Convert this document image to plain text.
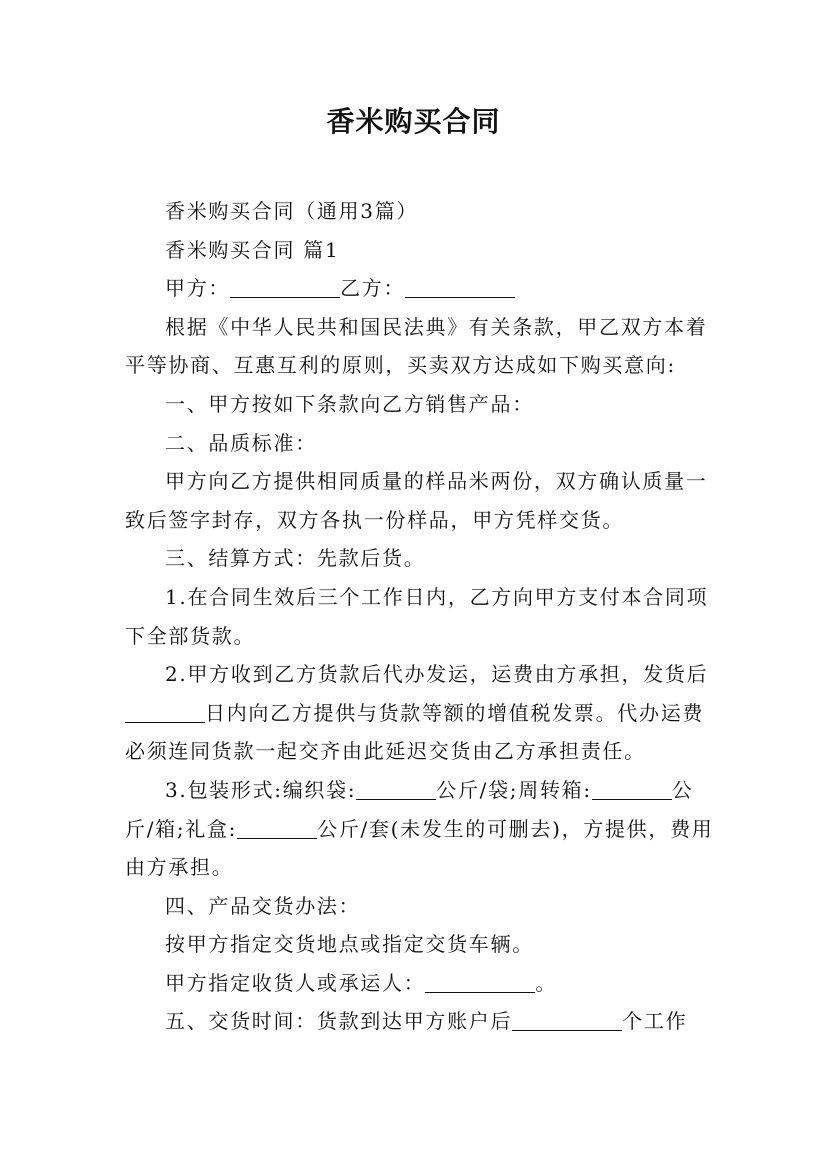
香米购买合同

香米购买合同（通用3篇）

香米购买合同 篇1

甲方：	乙方：

根据《中华人民共和国民法典》有关条款，甲乙双方本着平等协商、互惠互利的原则，买卖双方达成如下购买意向:

一、甲方按如下条款向乙方销售产品：

二、品质标准：

甲方向乙方提供相同质量的样品米两份，双方确认质量一致后签字封存，双方各执一份样品，甲方凭样交货。

三、结算方式：先款后货。

1.在合同生效后三个工作日内，乙方向甲方支付本合同项下全部货款。

2.甲方收到乙方货款后代办发运，运费由方承担，发货后日内向乙方提供与货款等额的增值税发票。代办运费必须连同货款一起交齐由此延迟交货由乙方承担责任。

3.包装形式:编织袋:	公斤/袋;周转箱:	公斤/箱;礼盒:	公斤/套(未发生的可删去)，方提供，费用由方承担。

四、产品交货办法：

按甲方指定交货地点或指定交货车辆。

甲方指定收货人或承运人：	。

五、交货时间：货款到达甲方账户后	个工作
